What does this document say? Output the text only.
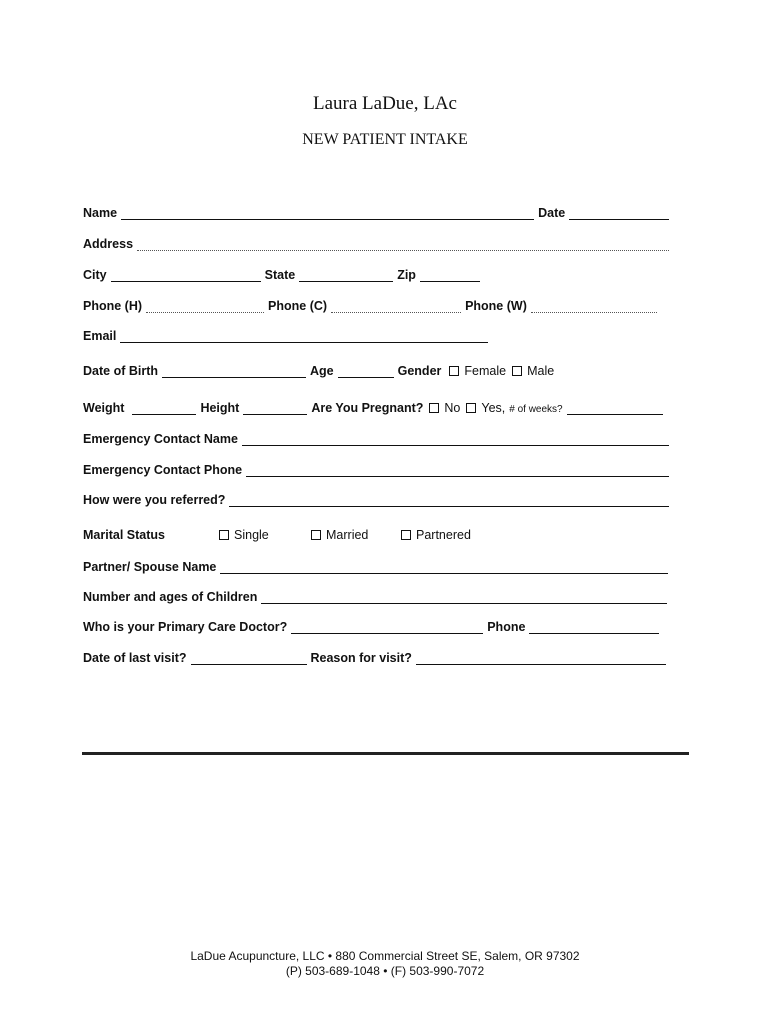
Laura LaDue, LAc
NEW PATIENT INTAKE
Name	Date
Address
City	State	Zip
Phone (H)	Phone (C)	Phone (W)
Email
Date of Birth	Age	Gender Female Male
Weight	Height	Are You Pregnant? No Yes, # of weeks?
Emergency Contact Name
Emergency Contact Phone
How were you referred?
Marital Status	Single	Married	Partnered
Partner/ Spouse Name
Number and ages of Children
Who is your Primary Care Doctor?	Phone
Date of last visit?	Reason for visit?
LaDue Acupuncture, LLC • 880 Commercial Street SE, Salem, OR 97302
(P) 503-689-1048 • (F) 503-990-7072
